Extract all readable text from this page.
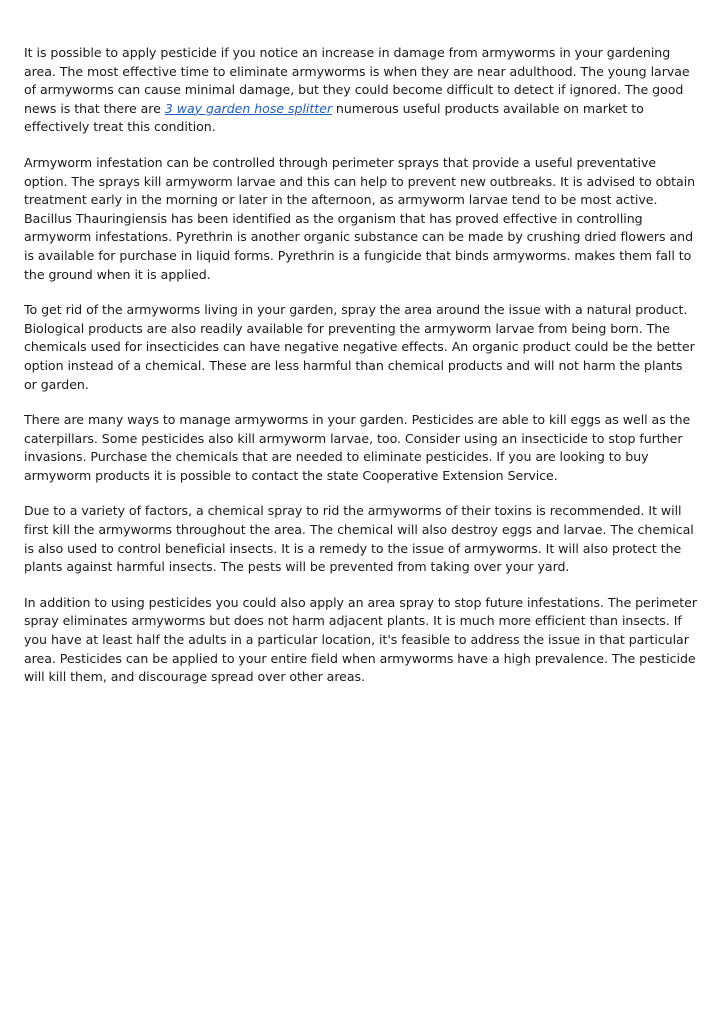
It is possible to apply pesticide if you notice an increase in damage from armyworms in your gardening area. The most effective time to eliminate armyworms is when they are near adulthood. The young larvae of armyworms can cause minimal damage, but they could become difficult to detect if ignored. The good news is that there are 3 way garden hose splitter numerous useful products available on market to effectively treat this condition.

Armyworm infestation can be controlled through perimeter sprays that provide a useful preventative option. The sprays kill armyworm larvae and this can help to prevent new outbreaks. It is advised to obtain treatment early in the morning or later in the afternoon, as armyworm larvae tend to be most active. Bacillus Thauringiensis has been identified as the organism that has proved effective in controlling armyworm infestations. Pyrethrin is another organic substance can be made by crushing dried flowers and is available for purchase in liquid forms. Pyrethrin is a fungicide that binds armyworms. makes them fall to the ground when it is applied.

To get rid of the armyworms living in your garden, spray the area around the issue with a natural product. Biological products are also readily available for preventing the armyworm larvae from being born. The chemicals used for insecticides can have negative negative effects. An organic product could be the better option instead of a chemical. These are less harmful than chemical products and will not harm the plants or garden.

There are many ways to manage armyworms in your garden. Pesticides are able to kill eggs as well as the caterpillars. Some pesticides also kill armyworm larvae, too. Consider using an insecticide to stop further invasions. Purchase the chemicals that are needed to eliminate pesticides. If you are looking to buy armyworm products it is possible to contact the state Cooperative Extension Service.

Due to a variety of factors, a chemical spray to rid the armyworms of their toxins is recommended. It will first kill the armyworms throughout the area. The chemical will also destroy eggs and larvae. The chemical is also used to control beneficial insects. It is a remedy to the issue of armyworms. It will also protect the plants against harmful insects. The pests will be prevented from taking over your yard.

In addition to using pesticides you could also apply an area spray to stop future infestations. The perimeter spray eliminates armyworms but does not harm adjacent plants. It is much more efficient than insects. If you have at least half the adults in a particular location, it's feasible to address the issue in that particular area. Pesticides can be applied to your entire field when armyworms have a high prevalence. The pesticide will kill them, and discourage spread over other areas.
